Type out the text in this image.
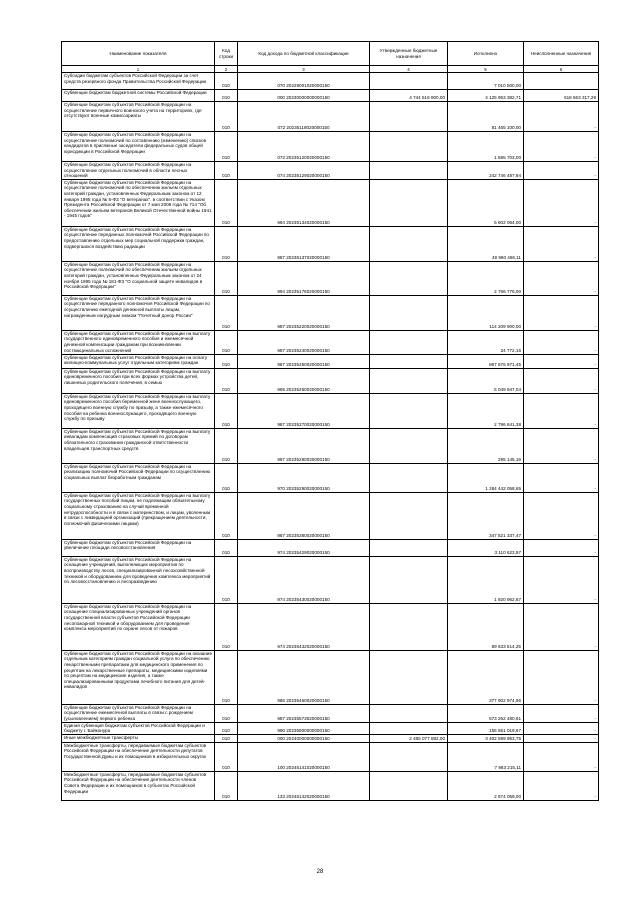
Наименование показателя	Код строки	Код дохода по бюджетной классификации	Утвержденные бюджетные назначения	Исполнено	Неисполненные назначения
1	2	3	4	5	6
Субсидии бюджетам субъектов Российской Федерации за счет средств резервного фонда Правительства Российской Федерации	010	070 20229001020000150		7 010 500,00	
Субвенции бюджетам бюджетной системы Российской Федерации	010	000 20230000000000150	4 744 516 800,00	4 125 953 382,71	618 563 317,29
Субвенции бюджетам субъектов Российской Федерации на осуществление первичного воинского учета на территориях, где отсутствуют военные комиссариаты	010	072 20235118020000150		81 465 100,00	-
Субвенции бюджетам субъектов Российской Федерации на осуществление полномочий по составлению (изменению) списков кандидатов в присяжные заседатели федеральных судов общей юрисдикции в Российской Федерации	010	072 20235120020000150		1 585 703,00	-
Субвенции бюджетам субъектов Российской Федерации на осуществление отдельных полномочий в области лесных отношений	010	074 20235129020000150		242 746 487,94	-
Субвенции бюджетам субъектов Российской Федерации на осуществление полномочий по обеспечению жильем отдельных категорий граждан, установленных Федеральным законом от 12 января 1995 года № 5-ФЗ "О ветеранах", в соответствии с Указом Президента Российской Федерации от 7 мая 2008 года № 714 "Об обеспечении жильем ветеранов Великой Отечественной войны 1941 - 1945 годов"	010	994 20235134020000150		5 602 064,00	-
Субвенции бюджетам субъектов Российской Федерации на осуществление переданных полномочий Российской Федерации по предоставлению отдельных мер социальной поддержки граждан, подвергшихся воздействию радиации	010	987 20235137020000150		49 960 466,11	-
Субвенции бюджетам субъектов Российской Федерации на осуществление полномочий по обеспечению жильем отдельных категорий граждан, установленных Федеральным законом от 24 ноября 1995 года № 181-ФЗ "О социальной защите инвалидов в Российской Федерации"	010	994 20235176020000150		2 766 776,00	-
Субвенции бюджетам субъектов Российской Федерации на осуществление переданного полномочия Российской Федерации по осуществлению ежегодной денежной выплаты лицам, награжденным нагрудным знаком "Почетный донор России"	010	987 20235220020000150		114 209 900,00	-
Субвенции бюджетам субъектов Российской Федерации на выплату государственного единовременного пособия и ежемесячной денежной компенсации гражданам при возникновении поствакцинальных осложнений	010	987 20235240020000150		24 772,16	-
Субвенции бюджетам субъектов Российской Федерации на оплату жилищно-коммунальных услуг отдельным категориям граждан	010	987 20235250020000150		867 676 971,45	-
Субвенции бюджетам субъектов Российской Федерации на выплату единовременного пособия при всех формах устройства детей, лишенных родительского попечения, в семью	010	969 20235260020000150		5 049 947,04	-
Субвенции бюджетам субъектов Российской Федерации на выплату единовременного пособия беременной жене военнослужащего, проходящего военную службу по призыву, а также ежемесячного пособия на ребенка военнослужащего, проходящего военную службу по призыву	010	987 20235270020000150		2 796 641,38	-
Субвенции бюджетам субъектов Российской Федерации на выплату инвалидам компенсаций страховых премий по договорам обязательного страхования гражданской ответственности владельцев транспортных средств	010	987 20235280020000150		295 145,19	-
Субвенции бюджетам субъектов Российской Федерации на реализацию полномочий Российской Федерации по осуществлению социальных выплат безработным гражданам	010	970 20235290020000150		1 284 442 058,65	-
Субвенции бюджетам субъектов Российской Федерации на выплату государственных пособий лицам, не подлежащим обязательному социальному страхованию на случай временной нетрудоспособности и в связи с материнством, и лицам, уволенным в связи с ликвидацией организаций (прекращением деятельности, полномочий физическими лицами)	010	987 20235380020000150		347 521 337,47	-
Субвенции бюджетам субъектов Российской Федерации на увеличение площади лесовосстановления	010	974 20235429020000150		3 110 623,97	-
Субвенции бюджетам субъектов Российской Федерации на оснащение учреждений, выполняющих мероприятия по воспроизводству лесов, специализированной лесохозяйственной техникой и оборудованием для проведения комплекса мероприятий по лесовосстановлению и лесоразведению	010	974 20235430020000150		1 920 962,67	-
Субвенции бюджетам субъектов Российской Федерации на оснащение специализированных учреждений органов государственной власти субъектов Российской Федерации лесопожарной техникой и оборудованием для проведения комплекса мероприятий по охране лесов от пожаров	010	974 20235432020000150		89 633 514,25	-
Субвенции бюджетам субъектов Российской Федерации на оказание отдельным категориям граждан социальной услуги по обеспечению лекарственными препаратами для медицинского применения по рецептам на лекарственные препараты, медицинскими изделиями по рецептам на медицинские изделия, а также специализированными продуктами лечебного питания для детей-инвалидов	010	986 20235460020000150		377 902 974,96	-
Субвенции бюджетам субъектов Российской Федерации на осуществление ежемесячной выплаты в связи с рождением (усыновлением) первого ребенка	010	987 20235573020000150		573 262 480,61	-
Единая субвенция бюджетам субъектов Российской Федерации и бюджету г. Байконура	010	990 20235900000000150		155 551 019,67	-
Иные межбюджетные трансферты	010	000 20240000000000150	2 465 077 882,00	3 402 599 953,75	-
Межбюджетные трансферты, передаваемые бюджетам субъектов Российской Федерации на обеспечение деятельности депутатов Государственной Думы и их помощников в избирательных округах	010	100 20245141020000150		7 983 215,11	-
Межбюджетные трансферты, передаваемые бюджетам субъектов Российской Федерации на обеспечение деятельности членов Совета Федерации и их помощников в субъектах Российской Федерации	010	133 20245142020000150		2 674 059,00	-
28
